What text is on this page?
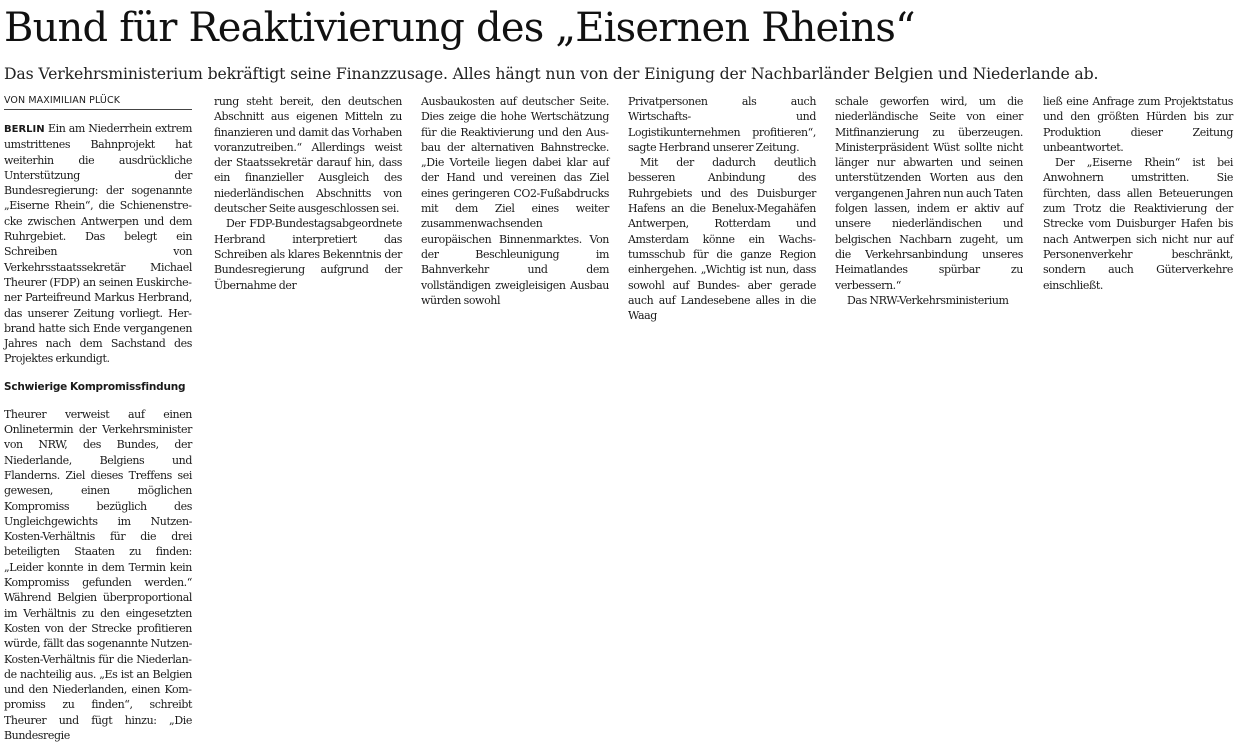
Bund für Reaktivierung des „Eisernen Rheins“

Das Verkehrsministerium bekräftigt seine Finanzzusage. Alles hängt nun von der Einigung der Nachbarländer Belgien und Niederlande ab.

VON MAXIMILIAN PLÜCK

BERLIN Ein am Niederrhein extrem umstrittenes Bahnprojekt hat weiterhin die ausdrückliche Unterstützung der Bundesregierung: der sogenannte „Eiserne Rhein“, die Schienenstrecke zwischen Antwerpen und dem Ruhrgebiet. Das belegt ein Schreiben von Verkehrsstaatssekretär Michael Theurer (FDP) an seinen Euskirchener Parteifreund Markus Herbrand, das unserer Zeitung vorliegt. Herbrand hatte sich Ende vergangenen Jahres nach dem Sachstand des Projektes erkundigt.

Schwierige Kompromissfindung

Theurer verweist auf einen Onlinetermin der Verkehrsminister von NRW, des Bundes, der Niederlande, Belgiens und Flanderns. Ziel dieses Treffens sei gewesen, einen möglichen Kompromiss bezüglich des Ungleichgewichts im Nutzen-Kosten-Verhältnis für die drei beteiligten Staaten zu finden: „Leider konnte in dem Termin kein Kompromiss gefunden werden.“ Während Belgien überproportional im Verhältnis zu den eingesetzten Kosten von der Strecke profitieren würde, fällt das sogenannte Nutzen-Kosten-Verhältnis für die Niederlande nachteilig aus. „Es ist an Belgien und den Niederlanden, einen Kompromiss zu finden“, schreibt Theurer und fügt hinzu: „Die Bundesregie

rung steht bereit, den deutschen Abschnitt aus eigenen Mitteln zu finanzieren und damit das Vorhaben voranzutreiben.“ Allerdings weist der Staatssekretär darauf hin, dass ein finanzieller Ausgleich des niederländischen Abschnitts von deutscher Seite ausgeschlossen sei.

Der FDP-Bundestagsabgeordnete Herbrand interpretiert das Schreiben als klares Bekenntnis der Bundesregierung aufgrund der Übernahme der

Ausbaukosten auf deutscher Seite. Dies zeige die hohe Wertschätzung für die Reaktivierung und den Ausbau der alternativen Bahnstrecke. „Die Vorteile liegen dabei klar auf der Hand und vereinen das Ziel eines geringeren CO2-Fußabdrucks mit dem Ziel eines weiter zusammenwachsenden europäischen Binnenmarktes. Von der Beschleunigung im Bahnverkehr und dem vollständigen zweigleisigen Ausbau würden sowohl

Privatpersonen als auch Wirtschafts- und Logistikunternehmen profitieren“, sagte Herbrand unserer Zeitung.

Mit der dadurch deutlich besseren Anbindung des Ruhrgebiets und des Duisburger Hafens an die Benelux-Megahäfen Antwerpen, Rotterdam und Amsterdam könne ein Wachstumsschub für die ganze Region einhergehen. „Wichtig ist nun, dass sowohl auf Bundes- aber gerade auch auf Landesebene alles in die Waag

schale geworfen wird, um die niederländische Seite von einer Mitfinanzierung zu überzeugen. Ministerpräsident Wüst sollte nicht länger nur abwarten und seinen unterstützenden Worten aus den vergangenen Jahren nun auch Taten folgen lassen, indem er aktiv auf unsere niederländischen und belgischen Nachbarn zugeht, um die Verkehrsanbindung unseres Heimatlandes spürbar zu verbessern.“

Das NRW-Verkehrsministerium

ließ eine Anfrage zum Projektstatus und den größten Hürden bis zur Produktion dieser Zeitung unbeantwortet.

Der „Eiserne Rhein“ ist bei Anwohnern umstritten. Sie fürchten, dass allen Beteuerungen zum Trotz die Reaktivierung der Strecke vom Duisburger Hafen bis nach Antwerpen sich nicht nur auf Personenverkehr beschränkt, sondern auch Güterverkehre einschließt.
